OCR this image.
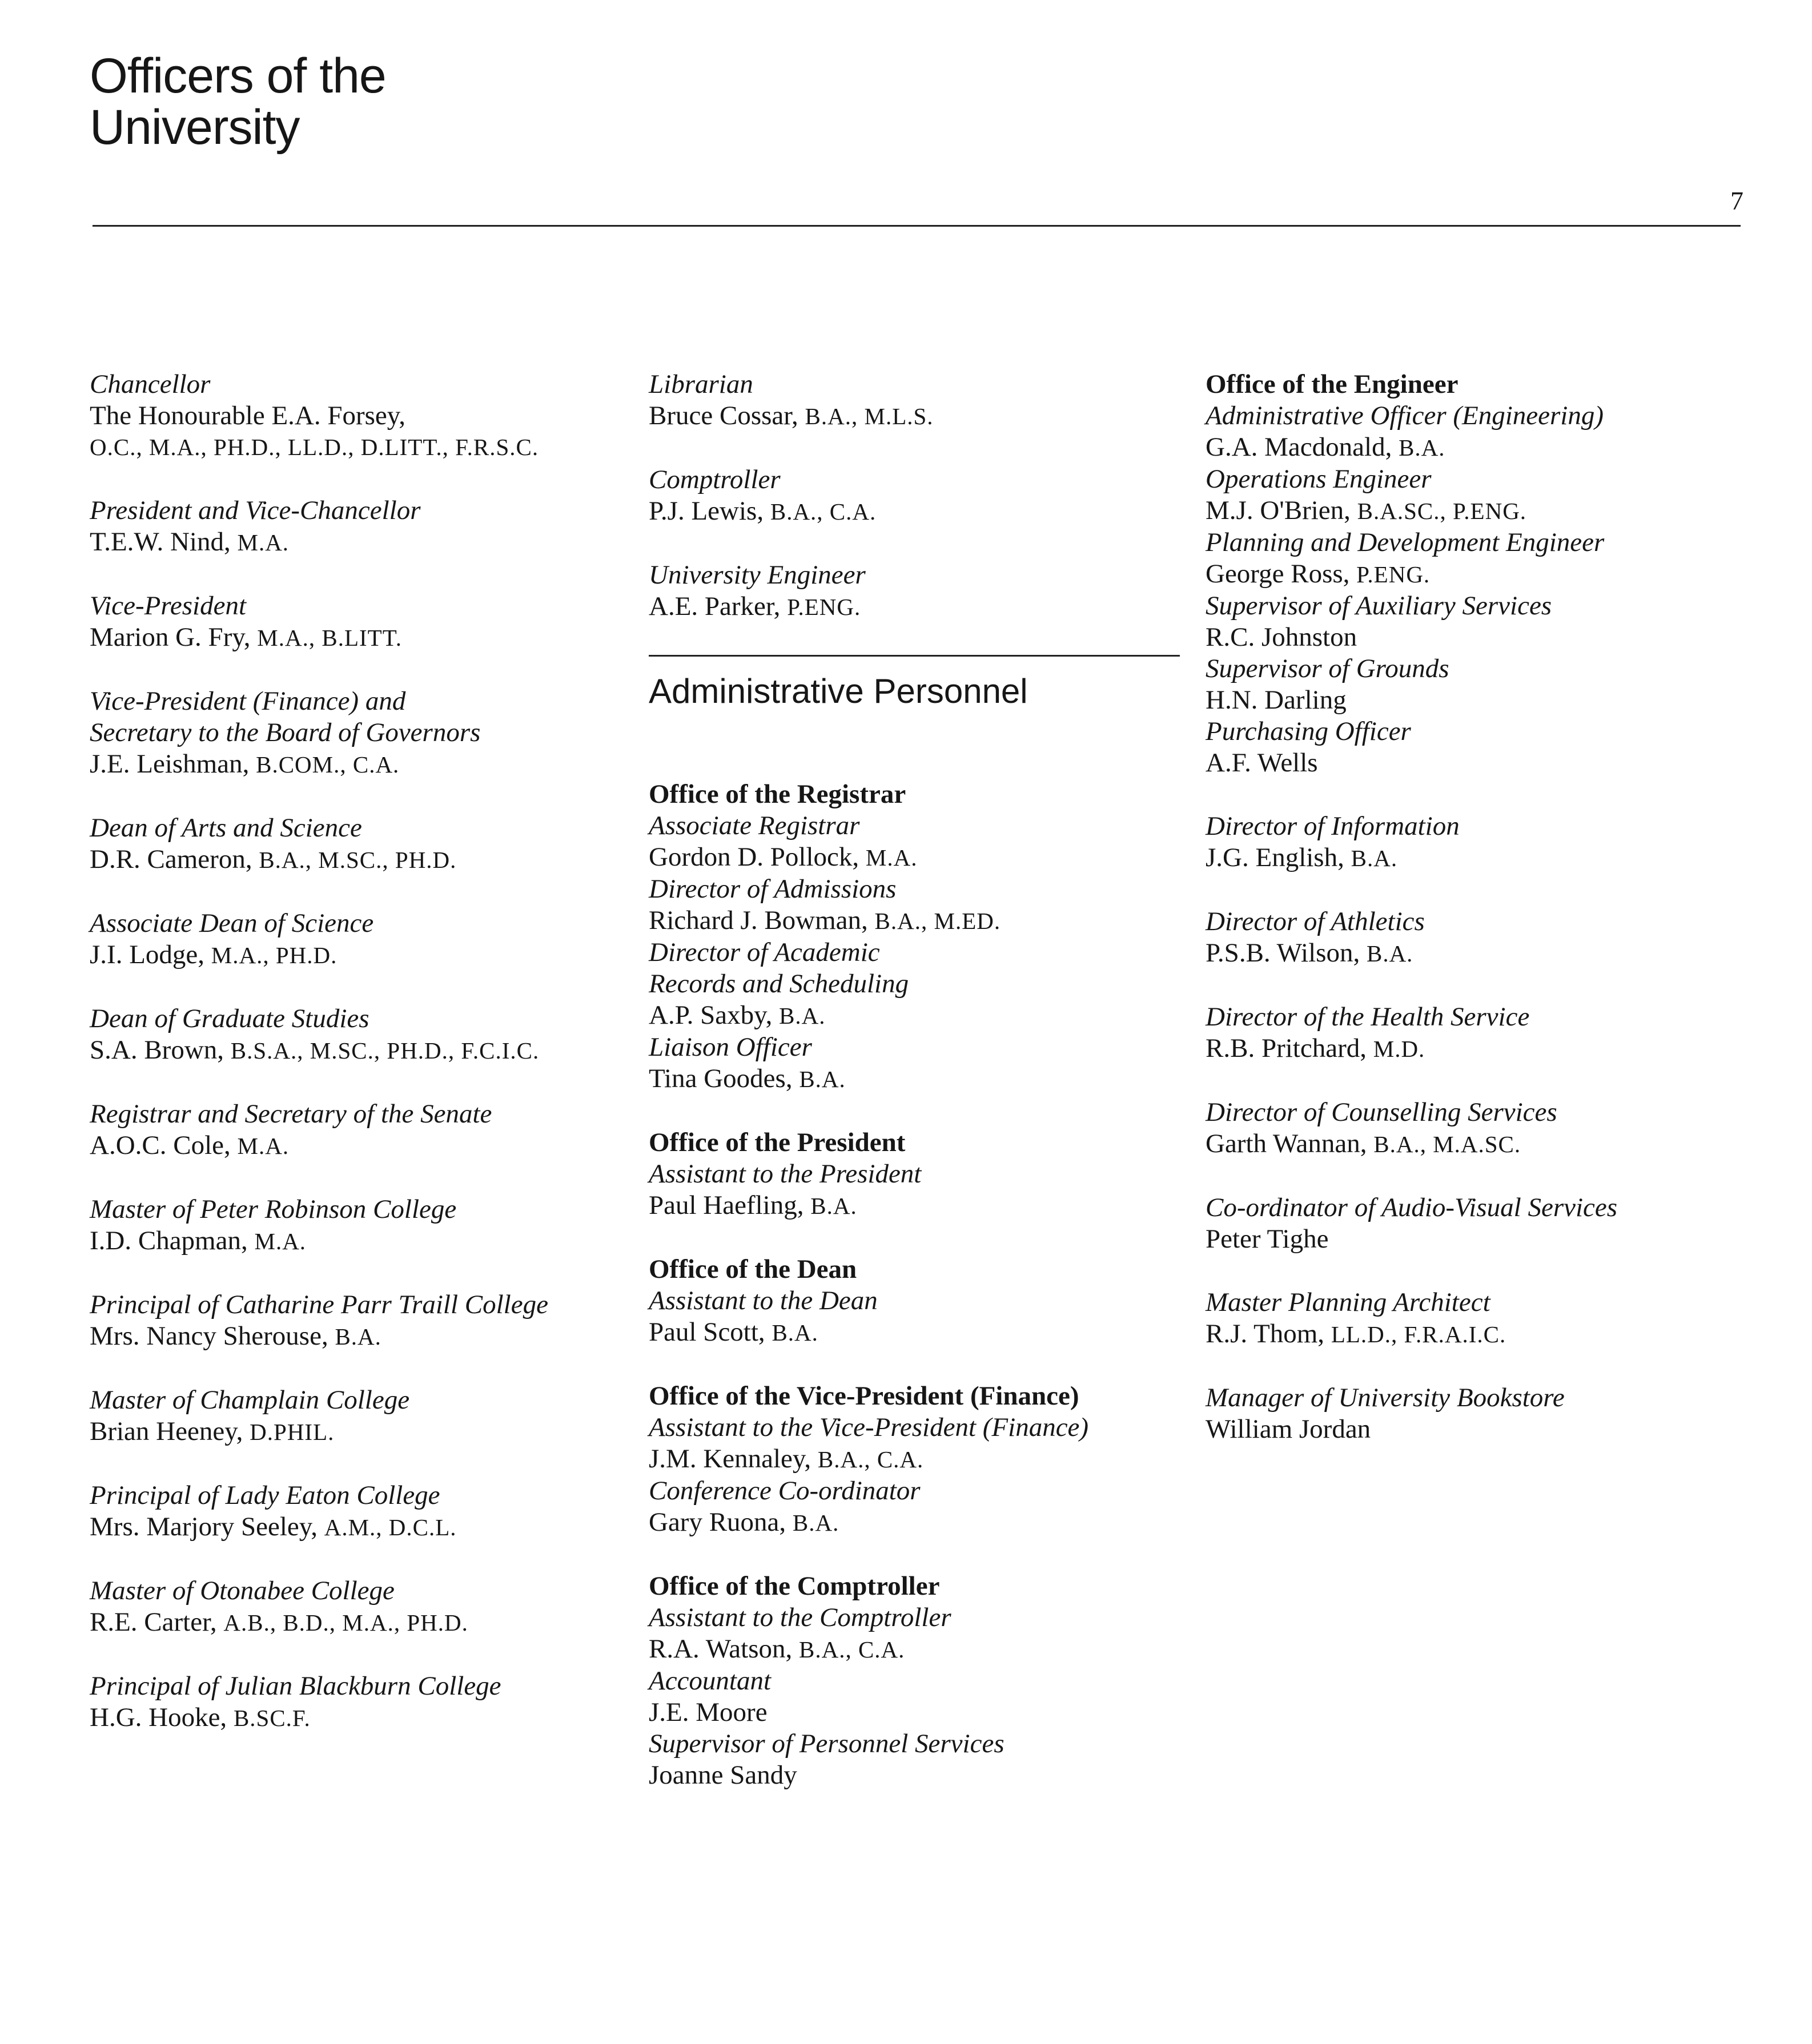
Officers of the
University
7
Chancellor
The Honourable E.A. Forsey,
O.C., M.A., PH.D., LL.D., D.LITT., F.R.S.C.
President and Vice-Chancellor
T.E.W. Nind, M.A.
Vice-President
Marion G. Fry, M.A., B.LITT.
Vice-President (Finance) and
Secretary to the Board of Governors
J.E. Leishman, B.COM., C.A.
Dean of Arts and Science
D.R. Cameron, B.A., M.SC., PH.D.
Associate Dean of Science
J.I. Lodge, M.A., PH.D.
Dean of Graduate Studies
S.A. Brown, B.S.A., M.SC., PH.D., F.C.I.C.
Registrar and Secretary of the Senate
A.O.C. Cole, M.A.
Master of Peter Robinson College
I.D. Chapman, M.A.
Principal of Catharine Parr Traill College
Mrs. Nancy Sherouse, B.A.
Master of Champlain College
Brian Heeney, D.PHIL.
Principal of Lady Eaton College
Mrs. Marjory Seeley, A.M., D.C.L.
Master of Otonabee College
R.E. Carter, A.B., B.D., M.A., PH.D.
Principal of Julian Blackburn College
H.G. Hooke, B.SC.F.
Librarian
Bruce Cossar, B.A., M.L.S.
Comptroller
P.J. Lewis, B.A., C.A.
University Engineer
A.E. Parker, P.ENG.
Administrative Personnel
Office of the Registrar
Associate Registrar
Gordon D. Pollock, M.A.
Director of Admissions
Richard J. Bowman, B.A., M.ED.
Director of Academic
Records and Scheduling
A.P. Saxby, B.A.
Liaison Officer
Tina Goodes, B.A.
Office of the President
Assistant to the President
Paul Haefling, B.A.
Office of the Dean
Assistant to the Dean
Paul Scott, B.A.
Office of the Vice-President (Finance)
Assistant to the Vice-President (Finance)
J.M. Kennaley, B.A., C.A.
Conference Co-ordinator
Gary Ruona, B.A.
Office of the Comptroller
Assistant to the Comptroller
R.A. Watson, B.A., C.A.
Accountant
J.E. Moore
Supervisor of Personnel Services
Joanne Sandy
Office of the Engineer
Administrative Officer (Engineering)
G.A. Macdonald, B.A.
Operations Engineer
M.J. O'Brien, B.A.SC., P.ENG.
Planning and Development Engineer
George Ross, P.ENG.
Supervisor of Auxiliary Services
R.C. Johnston
Supervisor of Grounds
H.N. Darling
Purchasing Officer
A.F. Wells
Director of Information
J.G. English, B.A.
Director of Athletics
P.S.B. Wilson, B.A.
Director of the Health Service
R.B. Pritchard, M.D.
Director of Counselling Services
Garth Wannan, B.A., M.A.SC.
Co-ordinator of Audio-Visual Services
Peter Tighe
Master Planning Architect
R.J. Thom, LL.D., F.R.A.I.C.
Manager of University Bookstore
William Jordan
